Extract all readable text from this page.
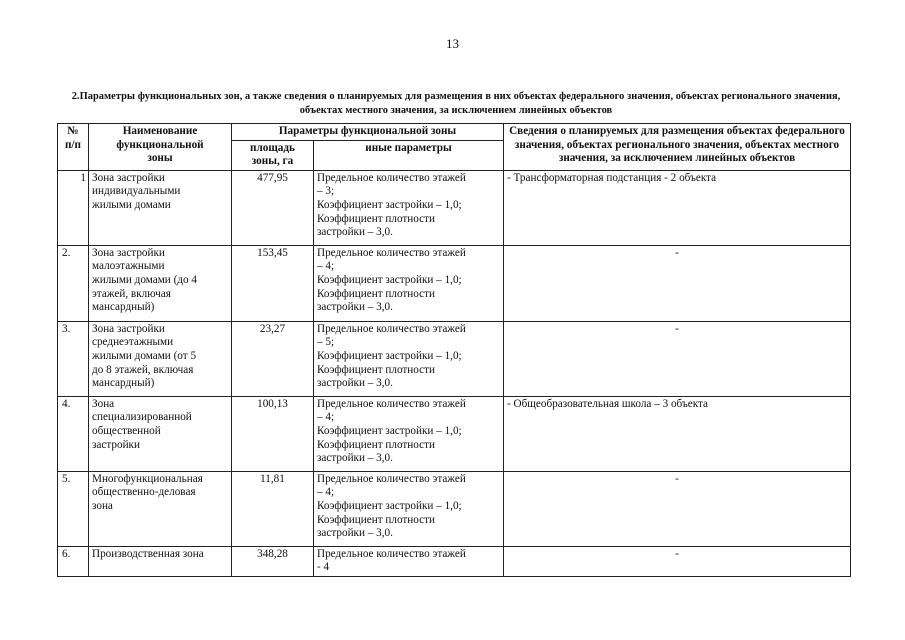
13
2.Параметры функциональных зон, а также сведения о планируемых для размещения в них объектах федерального значения, объектах регионального значения, объектах местного значения, за исключением линейных объектов
№
п/п	Наименование
функциональной
зоны	Параметры функциональной зоны		Сведения о планируемых для размещения объектах федерального значения, объектах регионального значения, объектах местного значения, за исключением линейных объектов
		площадь
зоны, га	иные параметры	
1	Зона застройки
индивидуальными
жилыми домами	477,95	Предельное количество этажей
– 3;
Коэффициент застройки – 1,0;
Коэффициент плотности
застройки – 3,0.	- Трансформаторная подстанция - 2 объекта
2.	Зона застройки
малоэтажными
жилыми домами (до 4
этажей, включая
мансардный)	153,45	Предельное количество этажей
– 4;
Коэффициент застройки – 1,0;
Коэффициент плотности
застройки – 3,0.	-
3.	Зона застройки
среднеэтажными
жилыми домами (от 5
до 8 этажей, включая
мансардный)	23,27	Предельное количество этажей
– 5;
Коэффициент застройки – 1,0;
Коэффициент плотности
застройки – 3,0.	-
4.	Зона
специализированной
общественной
застройки	100,13	Предельное количество этажей
– 4;
Коэффициент застройки – 1,0;
Коэффициент плотности
застройки – 3,0.	- Общеобразовательная школа – 3 объекта
5.	Многофункциональная
общественно-деловая
зона	11,81	Предельное количество этажей
– 4;
Коэффициент застройки – 1,0;
Коэффициент плотности
застройки – 3,0.	-
6.	Производственная зона	348,28	Предельное количество этажей
- 4	-
